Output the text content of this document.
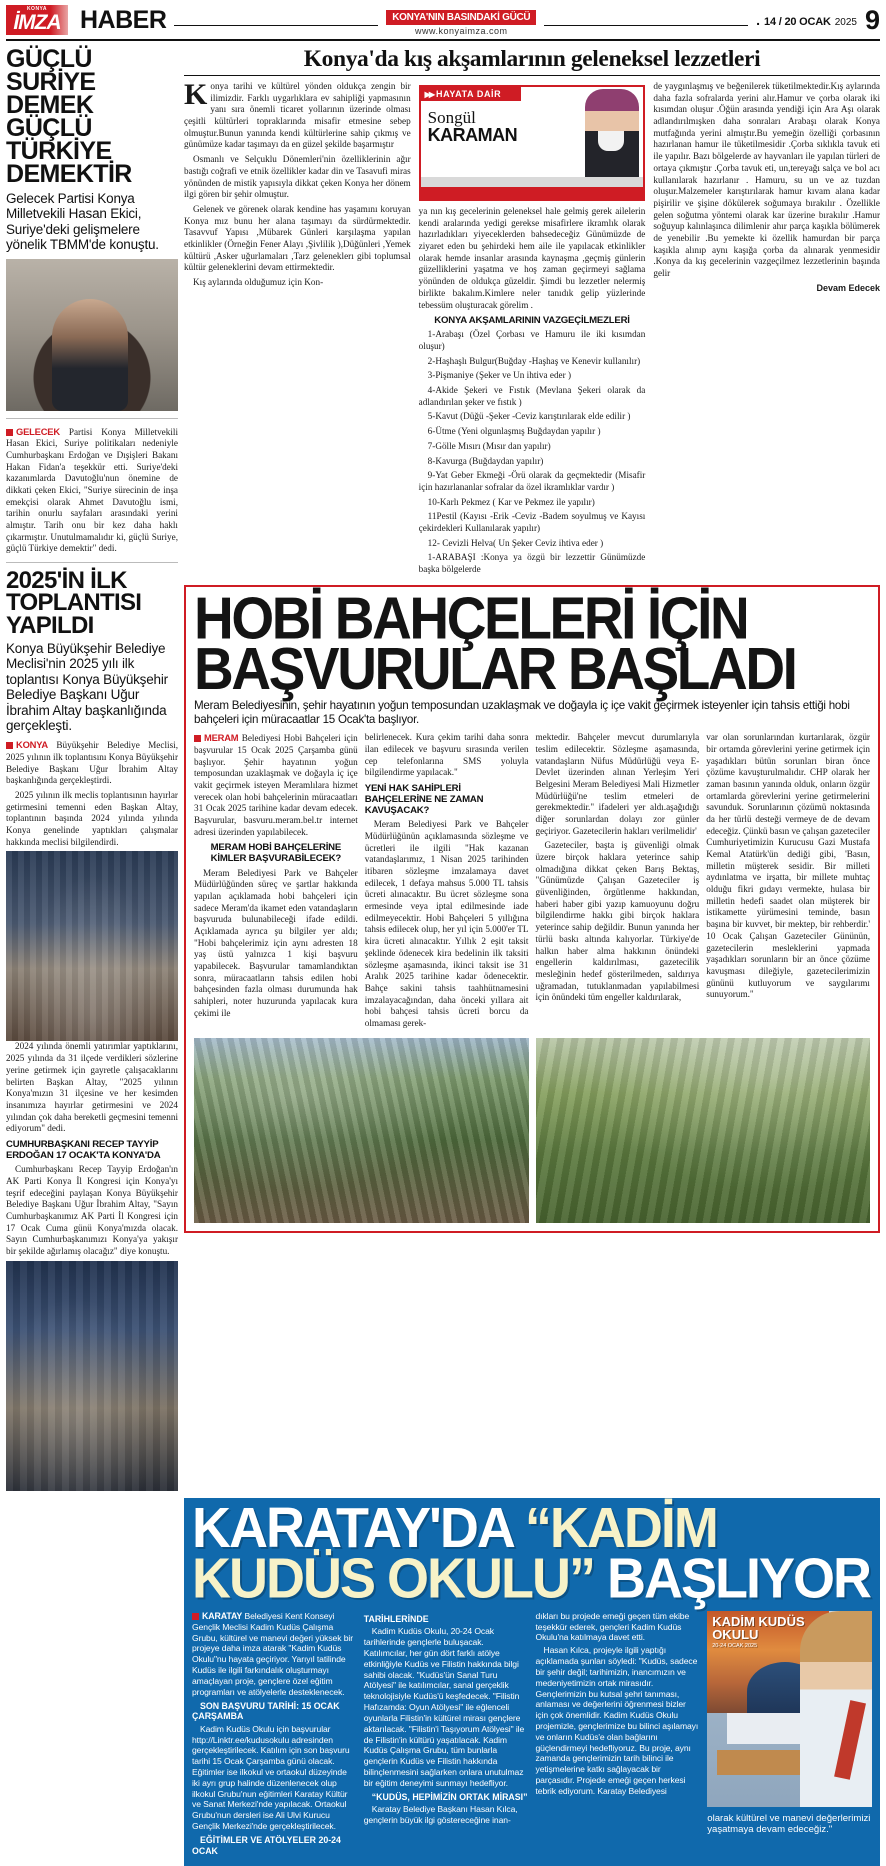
KONYA
İMZA HABER	KONYA'NIN BASINDAKİ GÜCÜ
www.konyaimza.com
. 14 / 20 OCAK 2025 9
GÜÇLÜ SURİYE DEMEK GÜÇLÜ TÜRKİYE DEMEKTİR
Gelecek Partisi Konya Milletvekili Hasan Ekici, Suriye'deki gelişmelere yönelik TBMM'de konuştu.

GELECEK Partisi Konya Milletvekili Hasan Ekici, Suriye politikaları nedeniyle Cumhurbaşkanı Erdoğan ve Dışişleri Bakanı Hakan Fidan'a teşekkür etti. Suriye'deki kazanımlarda Davutoğlu'nun önemine de dikkati çeken Ekici, "Suriye sürecinin de inşa emekçisi olarak Ahmet Davutoğlu ismi, tarihin onurlu sayfaları arasındaki yerini almıştır. Tarih onu bir kez daha haklı çıkarmıştır. Unutulmamalıdır ki, güçlü Suriye, güçlü Türkiye demektir" dedi.

2025'İN İLK TOPLANTISI YAPILDI
Konya Büyükşehir Belediye Meclisi'nin 2025 yılı ilk toplantısı Konya Büyükşehir Belediye Başkanı Uğur İbrahim Altay başkanlığında gerçekleşti.

KONYA Büyükşehir Belediye Meclisi, 2025 yılının ilk toplantısını Konya Büyükşehir Belediye Başkanı Uğur İbrahim Altay başkanlığında gerçekleştirdi.

2025 yılının ilk meclis toplantısının hayırlar getirmesini temenni eden Başkan Altay, toplantının başında 2024 yılında yılında Konya genelinde yaptıkları çalışmalar hakkında meclisi bilgilendirdi.

2024 yılında önemli yatırımlar yaptıklarını, 2025 yılında da 31 ilçede verdikleri sözlerine yerine getirmek için gayretle çalışacaklarını belirten Başkan Altay, "2025 yılının Konya'mızın 31 ilçesine ve her kesimden insanımıza hayırlar getirmesini ve 2024 yılından çok daha bereketli geçmesini temenni ediyorum" dedi.

CUMHURBAŞKANI RECEP TAYYİP ERDOĞAN 17 OCAK'TA KONYA'DA

Cumhurbaşkanı Recep Tayyip Erdoğan'ın AK Parti Konya İl Kongresi için Konya'yı teşrif edeceğini paylaşan Konya Büyükşehir Belediye Başkanı Uğur İbrahim Altay, "Sayın Cumhurbaşkanımız AK Parti İl Kongresi için 17 Ocak Cuma günü Konya'mızda olacak. Sayın Cumhurbaşkanımızı Konya'ya yakışır bir şekilde ağırlamış olacağız" diye konuştu.

Konya'da kış akşamlarının geleneksel lezzetleri

Konya tarihi ve kültürel yönden oldukça zengin bir ilimizdir. Farklı uygarlıklara ev sahipliği yapmasının yanı sıra önemli ticaret yollarının üzerinde olması çeşitli kültürleri topraklarında misafir etmesine sebep olmuştur.Bunun yanında kendi kültürlerine sahip çıkmış ve günümüze kadar taşımayı da en güzel şekilde başarmıştır

Osmanlı ve Selçuklu Dönemleri'nin özelliklerinin ağır bastığı coğrafi ve etnik özellikler kadar din ve Tasavufi miras yönünden de mistik yapısıyla dikkat çeken Konya her dönem ilgi gören bir şehir olmuştur.

Gelenek ve görenek olarak kendine has yaşamını koruyan Konya mız bunu her alana taşımayı da sürdürmektedir. Tasavvuf Yapısı ,Mübarek Günleri karşılaşma yapılan etkinlikler (Örneğin Fener Alayı ,Şivlilik ),Düğünleri ,Yemek kültürü ,Asker uğurlamaları ,Tarz geleneklerı gibi toplumsal kültür geleneklerini devam ettirmektedir.

Kış aylarında olduğumuz için Kon-

▶▶ HAYATA DAİR
Songül
KARAMAN

ya nın kış gecelerinin geleneksel hale gelmiş gerek ailelerin kendi aralarında yedigi gerekse misafirlere ikramlık olarak hazırladıkları yiyeceklerden bahsedeceğiz Günümüzde de ziyaret eden bu şehirdeki hem aile ile yapılacak etkinlikler olarak hemde insanlar arasında kaynaşma ,geçmiş günlerin güzelliklerini yaşatma ve hoş zaman geçirmeyi sağlama yönünden de oldukça güzeldir. Şimdi bu lezzetler nelermiş birlikte bakalım.Kimlere neler tanıdık gelip yüzlerinde tebessüm oluşturacak görelim .

KONYA AKŞAMLARININ VAZGEÇİLMEZLERİ

1-Arabaşı (Özel Çorbası ve Hamuru ile iki kısımdan oluşur)

2-Haşhaşlı Bulgur(Buğday -Haşhaş ve Kenevir kullanılır)

3-Pişmaniye (Şeker ve Un ihtiva eder )

4-Akide Şekeri ve Fıstık (Mevlana Şekeri olarak da adlandırılan şeker ve fıstık )

5-Kavut (Düğü -Şeker -Ceviz karıştırılarak elde edilir )

6-Ütme (Yeni olgunlaşmış Buğdaydan yapılır )

7-Gölle Mısırı (Mısır dan yapılır)

8-Kavurga (Buğdaydan yapılır)

9-Yat Geber Ekmeği -Örü olarak da geçmektedir (Misafir için hazırlananlar sofralar da özel ikramlıklar vardır )

10-Karlı Pekmez ( Kar ve Pekmez ile yapılır)

11Pestil (Kayısı -Erik -Ceviz -Badem soyulmuş ve Kayısı çekirdekleri Kullanılarak yapılır)

12- Cevizli Helva( Un Şeker Ceviz ihtiva eder )

1-ARABAŞI :Konya ya özgü bir lezzettir Günümüzde başka bölgelerde

de yaygınlaşmış ve beğenilerek tüketilmektedir.Kış aylarında daha fazla sofralarda yerini alır.Hamur ve çorba olarak iki kısımdan oluşur .Öğün arasında yendiği için Ara Aşı olarak adlandırılmışken daha sonraları Arabaşı olarak Konya mutfağında yerini almıştır.Bu yemeğin özelliği çorbasının hazırlanan hamur ile tüketilmesidir .Çorba sıklıkla tavuk eti ile yapılır. Bazı bölgelerde av hayvanları ile yapılan türleri de ortaya çıkmıştır .Çorba tavuk eti, un,tereyağı salça ve bol acı kullanılarak hazırlanır . Hamuru, su un ve az tuzdan oluşur.Malzemeler karıştırılarak hamur kıvam alana kadar pişirilir ve şişine dökülerek soğumaya bırakılır . Özellikle gelen soğutma yöntemi olarak kar üzerine bırakılır .Hamur soğuyup kalınlaşınca dilimlenir ahır parça kaşıkla bölümerek de yenebilir .Bu yemekte ki özellik hamurdan bir parça kaşıkla alınıp aynı kaşığa çorba da alınarak yenmesidir .Konya da kış gecelerinin vazgeçilmez lezzetlerinin başında gelir

Devam Edecek

HOBİ BAHÇELERİ İÇİN
BAŞVURULAR BAŞLADI
Meram Belediyesinin, şehir hayatının yoğun temposundan uzaklaşmak ve doğayla iç içe vakit geçirmek isteyenler için tahsis ettiği hobi bahçeleri için müracaatlar 15 Ocak'ta başlıyor.

MERAM Belediyesi Hobi Bahçeleri için başvurular 15 Ocak 2025 Çarşamba günü başlıyor. Şehir hayatının yoğun temposundan uzaklaşmak ve doğayla iç içe vakit geçirmek isteyen Meramlılara hizmet verecek olan hobi bahçelerinin müracaatları 31 Ocak 2025 tarihine kadar devam edecek. Başvurular, basvuru.meram.bel.tr internet adresi üzerinden yapılabilecek.

MERAM HOBİ BAHÇELERİNE KİMLER BAŞVURABİLECEK?

Meram Belediyesi Park ve Bahçeler Müdürlüğünden süreç ve şartlar hakkında yapılan açıklamada hobi bahçeleri için sadece Meram'da ikamet eden vatandaşların başvuruda bulunabileceği ifade edildi. Açıklamada ayrıca şu bilgiler yer aldı; "Hobi bahçelerimiz için aynı adresten 18 yaş üstü yalnızca 1 kişi başvuru yapabilecek. Başvurular tamamlandıktan sonra, müracaatların tahsis edilen hobi bahçesinden fazla olması durumunda hak sahipleri, noter huzurunda yapılacak kura çekimi ile

belirlenecek. Kura çekim tarihi daha sonra ilan edilecek ve başvuru sırasında verilen cep telefonlarına SMS yoluyla bilgilendirme yapılacak."

YENİ HAK SAHİPLERİ BAHÇELERİNE NE ZAMAN KAVUŞACAK?

Meram Belediyesi Park ve Bahçeler Müdürlüğünün açıklamasında sözleşme ve ücretleri ile ilgili "Hak kazanan vatandaşlarımız, 1 Nisan 2025 tarihinden itibaren sözleşme imzalamaya davet edilecek, 1 defaya mahsus 5.000 TL tahsis ücreti alınacaktır. Bu ücret sözleşme sona ermesinde veya iptal edilmesinde iade edilmeyecektir. Hobi Bahçeleri 5 yıllığına tahsis edilecek olup, her yıl için 5.000'er TL kira ücreti alınacaktır. Yıllık 2 eşit taksit şeklinde ödenecek kira bedelinin ilk taksiti sözleşme aşamasında, ikinci taksit ise 31 Aralık 2025 tarihine kadar ödenecektir. Bahçe sakini tahsis taahhütnamesini imzalayacağından, daha önceki yıllara ait hobi bahçesi tahsis ücreti borcu da olmaması gerek-

mektedir. Bahçeler mevcut durumlarıyla teslim edilecektir. Sözleşme aşamasında, vatandaşların Nüfus Müdürlüğü veya E-Devlet üzerinden alınan Yerleşim Yeri Belgesini Meram Belediyesi Mali Hizmetler Müdürlüğü'ne teslim etmeleri de gerekmektedir." ifadeleri yer aldı.aşağıdığı diğer sorunlardan dolayı zor günler geçiriyor. Gazetecilerin hakları verilmelidir'

Gazeteciler, başta iş güvenliği olmak üzere birçok haklara yeterince sahip olmadığına dikkat çeken Barış Bektaş, "Günümüzde Çalışan Gazeteciler iş güvenliğinden, örgütlenme hakkından, haberi haber gibi yazıp kamuoyunu doğru bilgilendirme hakkı gibi birçok haklara yeterince sahip değildir. Bunun yanında her türlü baskı altında kalıyorlar. Türkiye'de halkın haber alma hakkının önündeki engellerin kaldırılması, gazetecilik mesleğinin hedef gösterilmeden, saldırıya uğramadan, tutuklanmadan yapılabilmesi için önündeki tüm engeller kaldırılarak,

var olan sorunlarından kurtarılarak, özgür bir ortamda görevlerini yerine getirmek için yaşadıkları bütün sorunları biran önce çözüme kavuşturulmalıdır. CHP olarak her zaman basının yanında olduk, onların özgür ortamlarda görevlerini yerine getirmelerini savunduk. Sorunlarının çözümü noktasında da her türlü desteği vermeye de de devam edeceğiz. Çünkü basın ve çalışan gazeteciler Cumhuriyetimizin Kurucusu Gazi Mustafa Kemal Atatürk'ün dediği gibi, 'Basın, milletin müşterek sesidir. Bir milleti aydınlatma ve irşatta, bir millete muhtaç olduğu fikri gıdayı vermekte, hulasa bir milletin hedefi saadet olan müşterek bir istikamette yürümesini teminde, basın başına bir kuvvet, bir mektep, bir rehberdir.' 10 Ocak Çalışan Gazeteciler Gününün, gazetecilerin mesleklerini yapmada yaşadıkları sorunların bir an önce çözüme kavuşması dileğiyle, gazetecilerimizin gününü kutluyorum ve saygılarımı sunuyorum."

KARATAY'DA “KADİM
KUDÜS OKULU” BAŞLIYOR

KARATAY Belediyesi Kent Konseyi Gençlik Meclisi Kadim Kudüs Çalışma Grubu, kültürel ve manevi değeri yüksek bir projeye daha imza atarak "Kadim Kudüs Okulu"nu hayata geçiriyor. Yarıyıl tatilinde Kudüs ile ilgili farkındalık oluşturmayı amaçlayan proje, gençlere özel eğitim programları ve atölyelerle desteklenecek.

SON BAŞVURU TARİHİ: 15 OCAK ÇARŞAMBA

Kadim Kudüs Okulu için başvurular http://Linktr.ee/kudusokulu adresinden gerçekleştirilecek. Katılım için son başvuru tarihi 15 Ocak Çarşamba günü olacak. Eğitimler ise ilkokul ve ortaokul düzeyinde iki ayrı grup halinde düzenlenecek olup ilkokul Grubu'nun eğitimleri Karatay Kültür ve Sanat Merkezi'nde yapılacak. Ortaokul Grubu'nun dersleri ise Ali Ulvi Kurucu Gençlik Merkezi'nde gerçekleştirilecek.

EĞİTİMLER VE ATÖLYELER 20-24 OCAK
TARİHLERİNDE

Kadim Kudüs Okulu, 20-24 Ocak tarihlerinde gençlerle buluşacak. Katılımcılar, her gün dört farklı atölye etkinliğiyle Kudüs ve Filistin hakkında bilgi sahibi olacak. "Kudüs'ün Sanal Turu Atölyesi" ile katılımcılar, sanal gerçeklik teknolojisiyle Kudüs'ü keşfedecek. "Filistin Hafızamda: Oyun Atölyesi" ile eğlenceli oyunlarla Filistin'in kültürel mirası gençlere aktarılacak. "Filistin'i Taşıyorum Atölyesi" ile de Filistin'in kültürü yaşatılacak. Kadim Kudüs Çalışma Grubu, tüm bunlarla gençlerin Kudüs ve Filistin hakkında bilinçlenmesini sağlarken onlara unutulmaz bir eğitim deneyimi sunmayı hedefliyor.

“KUDÜS, HEPİMİZİN ORTAK MİRASI”

Karatay Belediye Başkanı Hasan Kılca, gençlerin büyük ilgi göstereceğine inan-

dıkları bu projede emeği geçen tüm ekibe teşekkür ederek, gençleri Kadim Kudüs Okulu'na katılmaya davet etti.

Hasan Kılca, projeyle ilgili yaptığı açıklamada şunları söyledi: "Kudüs, sadece bir şehir değil; tarihimizin, inancımızın ve medeniyetimizin ortak mirasıdır. Gençlerimizin bu kutsal şehri tanıması, anlaması ve değerlerini öğrenmesi bizler için çok önemlidir. Kadim Kudüs Okulu projemizle, gençlerimize bu bilinci aşılamayı ve onların Kudüs'e olan bağlarını güçlendirmeyi hedefliyoruz. Bu proje, aynı zamanda gençlerimizin tarih bilinci ile yetişmelerine katkı sağlayacak bir parçasıdır. Projede emeği geçen herkesi tebrik ediyorum. Karatay Belediyesi

KADİM KUDÜS
OKULU
20-24 OCAK 2025
olarak kültürel ve manevi değerlerimizi yaşatmaya devam edeceğiz."
